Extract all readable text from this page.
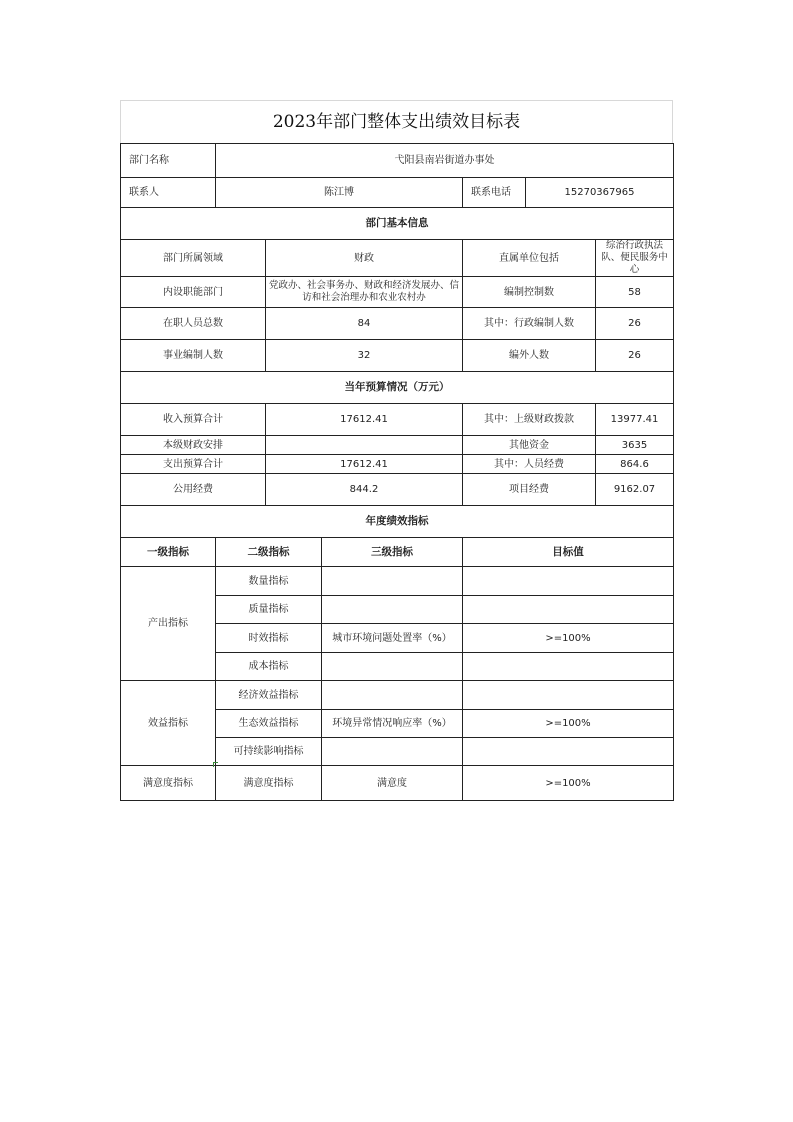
2023年部门整体支出绩效目标表
部门名称	弋阳县南岩街道办事处					
联系人	陈江博			联系电话	15270367965	
部门基本信息						
部门所属领域		财政		直属单位包括		综治行政执法队、便民服务中心
内设职能部门		党政办、社会事务办、财政和经济发展办、信访和社会治理办和农业农村办		编制控制数		58
在职人员总数		84		其中：行政编制人数		26
事业编制人数		32		编外人数		26
当年预算情况（万元）						
收入预算合计		17612.41		其中：上级财政拨款		13977.41
本级财政安排				其他资金		3635
支出预算合计		17612.41		其中：人员经费		864.6
公用经费		844.2		项目经费		9162.07
年度绩效指标						
一级指标	二级指标		三级指标	目标值		
产出指标	数量指标					
	质量指标					
	时效指标		城市环境问题处置率（%）	>=100%		
	成本指标					
效益指标	经济效益指标					
	生态效益指标		环境异常情况响应率（%）	>=100%		
	可持续影响指标					
满意度指标	满意度指标		满意度	>=100%		
